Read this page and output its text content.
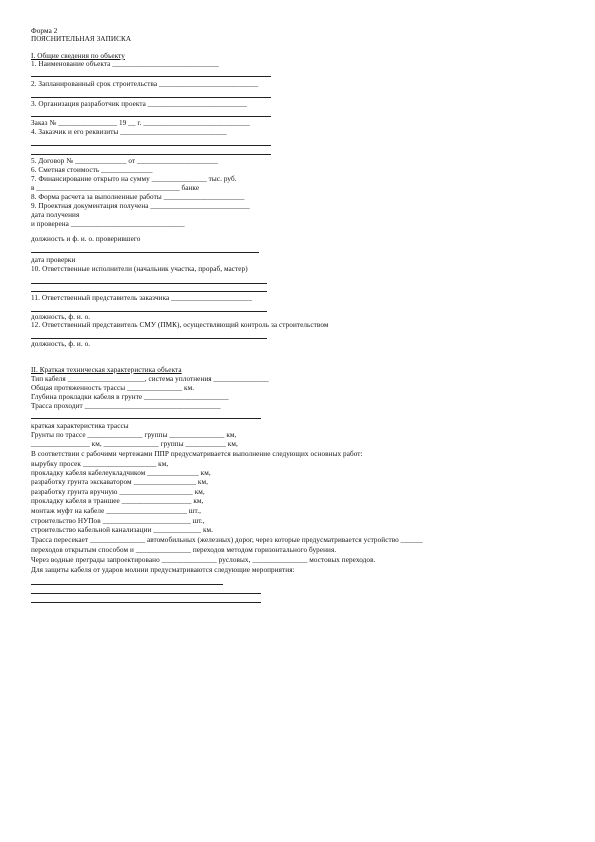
Форма 2
ПОЯСНИТЕЛЬНАЯ ЗАПИСКА
I. Общие сведения по объекту
1. Наименование объекта _____________________________
2. Запланированный срок строительства ___________________________
3. Организация разработчик проекта ___________________________
Заказ № ________________ 19 __ г. _____________________________
4. Заказчик и его реквизиты _____________________________
5. Договор № ______________ от ______________________
6. Сметная стоимость ______________
7. Финансирование открыто на сумму _______________ тыс. руб.
в _______________________________________ банке
8. Форма расчета за выполненные работы ______________________
9. Проектная документация получена ___________________________
дата получения
и проверена _______________________________
должность и ф. и. о. проверившего
дата проверки
10. Ответственные исполнители (начальник участка, прораб, мастер)
11. Ответственный представитель заказчика ______________________
должность, ф. и. о.
12. Ответственный представитель СМУ (ПМК), осуществляющий контроль за строительством
должность, ф. и. о.
II. Краткая техническая характеристика объекта
Тип кабеля _____________________, система уплотнения _______________
Общая протяженность трассы _______________ км.
Глубина прокладки кабеля в грунте _______________________
Трасса проходит _____________________________________
краткая характеристика трассы
Грунты по трассе _______________ группы _______________ км,
________________ км, _______________ группы ___________ км,
В соответствии с рабочими чертежами ППР предусматривается выполнение следующих основных работ:
вырубку просек ____________________ км,
прокладку кабеля кабелеукладчиком ______________ км,
разработку грунта экскаватором _________________ км,
разработку грунта вручную ____________________ км,
прокладку кабеля в траншее ___________________ км,
монтаж муфт на кабеле ______________________ шт.,
строительство НУПов ________________________ шт.,
строительство кабельной канализации _____________ км.
Трасса пересекает _______________ автомобильных (железных) дорог, через которые предусматривается устройство ______
переходов открытым способом и _______________ переходов методом горизонтального бурения.
Через водные преграды запроектировано _______________ русловых, _______________ мостовых переходов.
Для защиты кабеля от ударов молнии предусматриваются следующие мероприятия:
